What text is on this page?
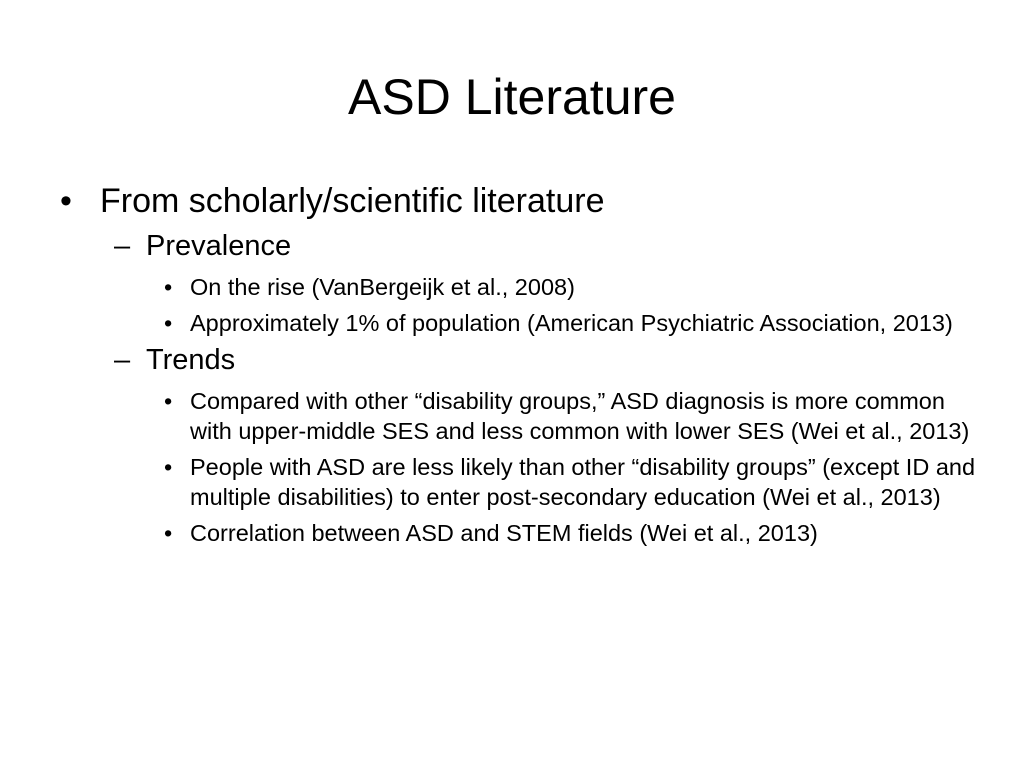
ASD Literature

• From scholarly/scientific literature

– Prevalence

• On the rise (VanBergeijk et al., 2008)

• Approximately 1% of population (American Psychiatric Association, 2013)

– Trends

• Compared with other “disability groups,” ASD diagnosis is more common with upper-middle SES and less common with lower SES (Wei et al., 2013)

• People with ASD are less likely than other “disability groups” (except ID and multiple disabilities) to enter post-secondary education (Wei et al., 2013)

• Correlation between ASD and STEM fields (Wei et al., 2013)
